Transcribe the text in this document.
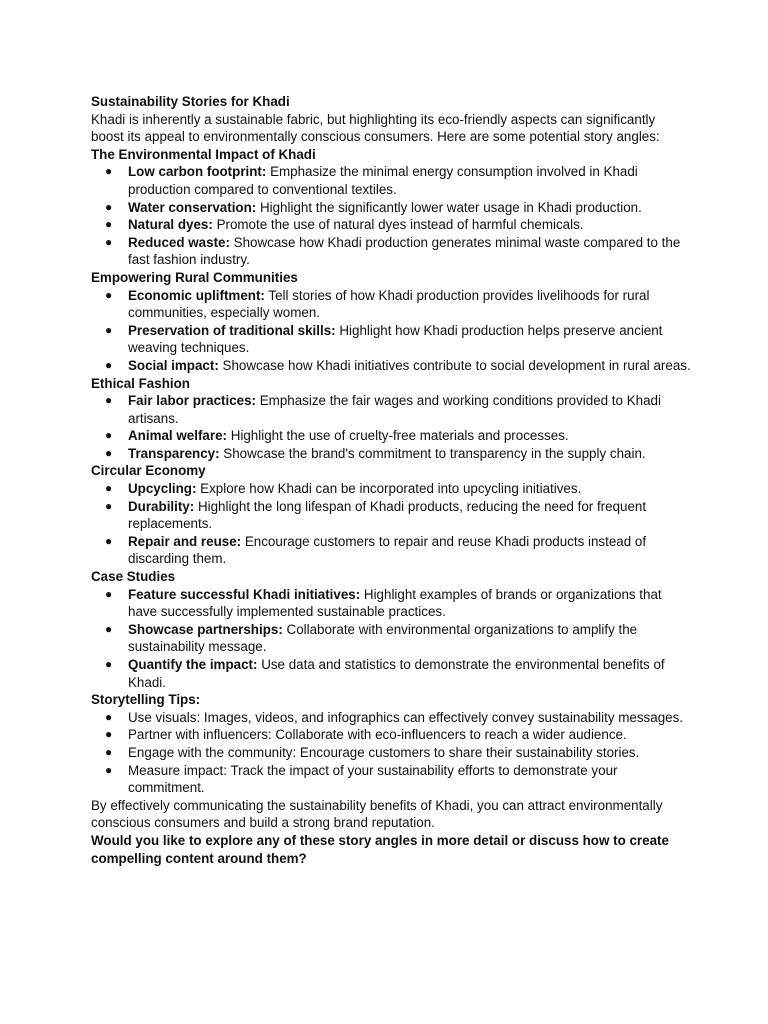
Sustainability Stories for Khadi

Khadi is inherently a sustainable fabric, but highlighting its eco-friendly aspects can significantly boost its appeal to environmentally conscious consumers. Here are some potential story angles:

The Environmental Impact of Khadi
● Low carbon footprint: Emphasize the minimal energy consumption involved in Khadi production compared to conventional textiles.
● Water conservation: Highlight the significantly lower water usage in Khadi production.
● Natural dyes: Promote the use of natural dyes instead of harmful chemicals.
● Reduced waste: Showcase how Khadi production generates minimal waste compared to the fast fashion industry.
Empowering Rural Communities
● Economic upliftment: Tell stories of how Khadi production provides livelihoods for rural communities, especially women.
● Preservation of traditional skills: Highlight how Khadi production helps preserve ancient weaving techniques.
● Social impact: Showcase how Khadi initiatives contribute to social development in rural areas.
Ethical Fashion
● Fair labor practices: Emphasize the fair wages and working conditions provided to Khadi artisans.
● Animal welfare: Highlight the use of cruelty-free materials and processes.
● Transparency: Showcase the brand's commitment to transparency in the supply chain.
Circular Economy
● Upcycling: Explore how Khadi can be incorporated into upcycling initiatives.
● Durability: Highlight the long lifespan of Khadi products, reducing the need for frequent replacements.
● Repair and reuse: Encourage customers to repair and reuse Khadi products instead of discarding them.
Case Studies
● Feature successful Khadi initiatives: Highlight examples of brands or organizations that have successfully implemented sustainable practices.
● Showcase partnerships: Collaborate with environmental organizations to amplify the sustainability message.
● Quantify the impact: Use data and statistics to demonstrate the environmental benefits of Khadi.
Storytelling Tips:
● Use visuals: Images, videos, and infographics can effectively convey sustainability messages.
● Partner with influencers: Collaborate with eco-influencers to reach a wider audience.
● Engage with the community: Encourage customers to share their sustainability stories.
● Measure impact: Track the impact of your sustainability efforts to demonstrate your commitment.

By effectively communicating the sustainability benefits of Khadi, you can attract environmentally conscious consumers and build a strong brand reputation.

Would you like to explore any of these story angles in more detail or discuss how to create compelling content around them?
